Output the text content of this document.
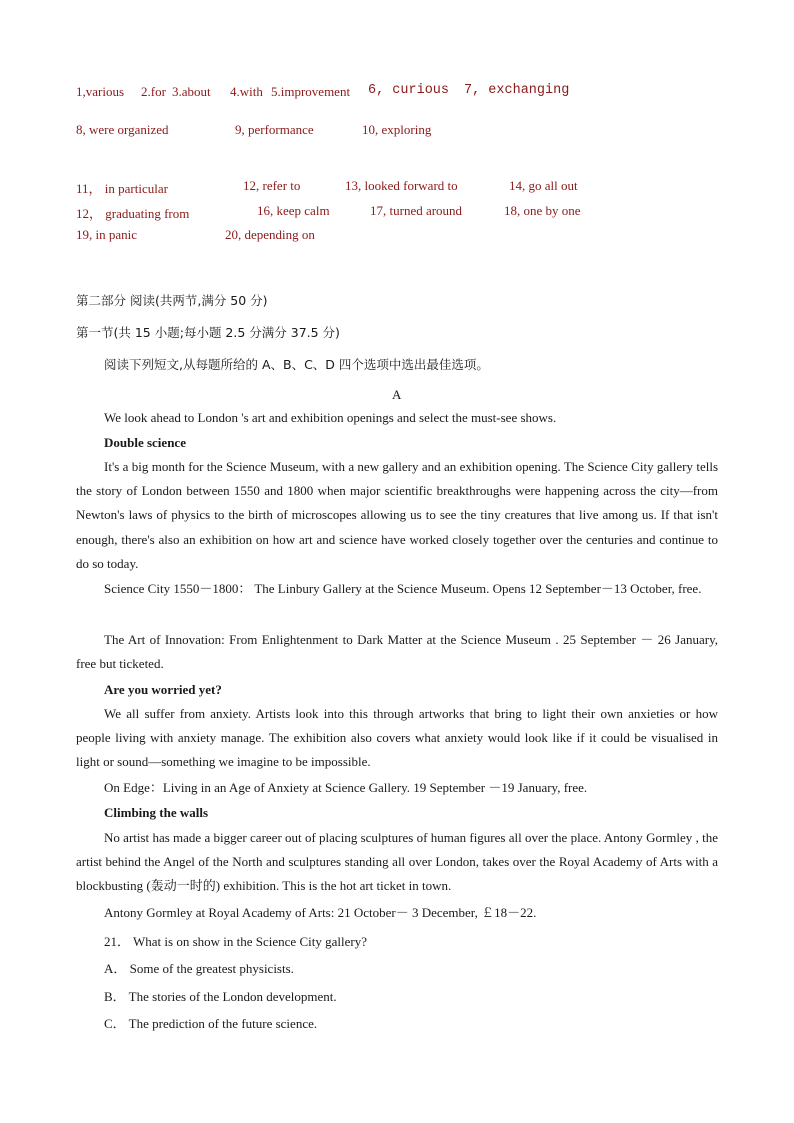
1,various 2.for 3.about 4.with 5.improvement 6, curious 7, exchanging
8, were organized	9, performance	10, exploring
11， in particular	12, refer to	13, looked forward to	14, go all out
12， graduating from	16, keep calm	17, turned around	18, one by one
19, in panic	20, depending on
第二部分 阅读(共两节,满分 50 分)
第一节(共 15 小题;每小题 2.5 分满分 37.5 分)
阅读下列短文,从每题所给的 A、B、C、D 四个选项中选出最佳选项。
A
We look ahead to London 's art and exhibition openings and select the must-see shows.
Double science
It's a big month for the Science Museum, with a new gallery and an exhibition opening. The Science City gallery tells the story of London between 1550 and 1800 when major scientific breakthroughs were happening across the city—from Newton's laws of physics to the birth of microscopes allowing us to see the tiny creatures that live among us. If that isn't enough, there's also an exhibition on how art and science have worked closely together over the centuries and continue to do so today.
Science City 1550－1800： The Linbury Gallery at the Science Museum. Opens 12 September－13 October, free.
The Art of Innovation: From Enlightenment to Dark Matter at the Science Museum . 25 September － 26 January, free but ticketed.
Are you worried yet?
We all suffer from anxiety. Artists look into this through artworks that bring to light their own anxieties or how people living with anxiety manage. The exhibition also covers what anxiety would look like if it could be visualised in light or sound—something we imagine to be impossible.
On Edge：Living in an Age of Anxiety at Science Gallery. 19 September －19 January, free.
Climbing the walls
No artist has made a bigger career out of placing sculptures of human figures all over the place. Antony Gormley , the artist behind the Angel of the North and sculptures standing all over London, takes over the Royal Academy of Arts with a blockbusting (轰动一时的) exhibition. This is the hot art ticket in town.
Antony Gormley at Royal Academy of Arts: 21 October－ 3 December, ￡18－22.
21． What is on show in the Science City gallery?
A． Some of the greatest physicists.
B． The stories of the London development.
C． The prediction of the future science.
